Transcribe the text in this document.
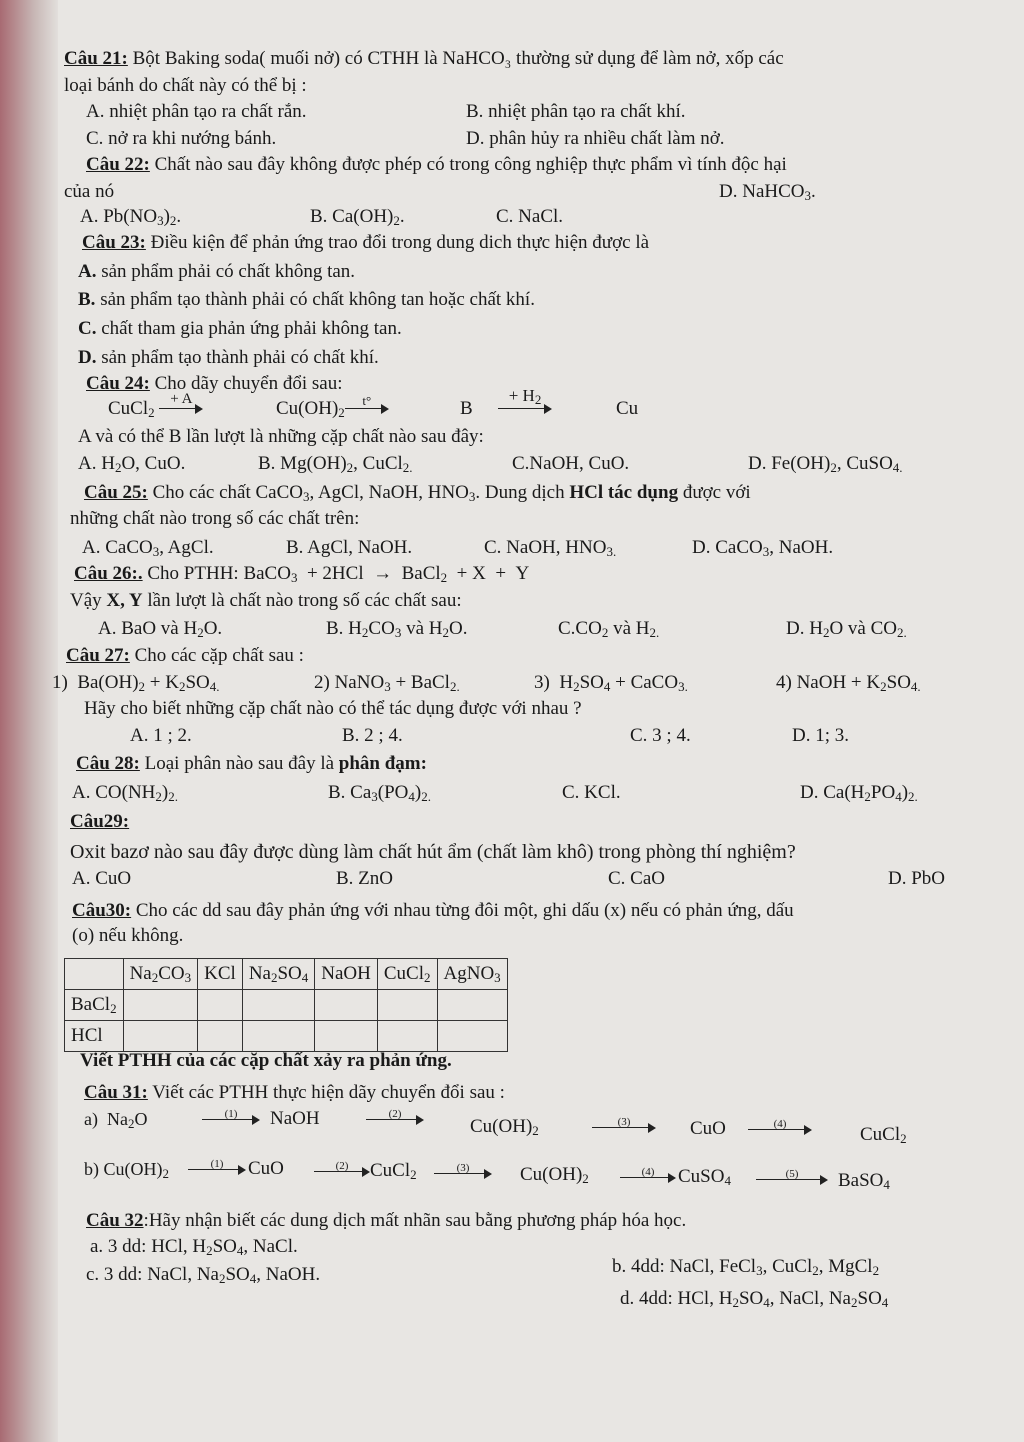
Câu 21: Bột Baking soda( muối nở) có CTHH là NaHCO₃ thường sử dụng để làm nở, xốp các
loại bánh do chất này có thể bị :
A. nhiệt phân tạo ra chất rắn.	B. nhiệt phân tạo ra chất khí.
C. nở ra khi nướng bánh.	D. phân hủy ra nhiều chất làm nở.
Câu 22: Chất nào sau đây không được phép có trong công nghiệp thực phẩm vì tính độc hại
của nó	D. NaHCO$_3$.
A. $Pb(NO_3)_2$.	B. $Ca(OH)_2$.	C. NaCl.
Câu 23: Điều kiện để phản ứng trao đổi trong dung dich thực hiện được là
A. sản phẩm phải có chất không tan.
B. sản phẩm tạo thành phải có chất không tan hoặc chất khí.
C. chất tham gia phản ứng phải không tan.
D. sản phẩm tạo thành phải có chất khí.
Câu 24: Cho dãy chuyển đổi sau:
CuCl$_2$
+ A	$Cu(OH)_2$
t°	B
+ $H_2$	Cu
A và có thể B lần lượt là những cặp chất nào sau đây:
A. $H_2O$, CuO.	B. $Mg(OH)_2$, CuCl$_{2.}$	C.NaOH, CuO.	D. $Fe(OH)_2$, CuSO$_{4.}$
Câu 25: Cho các chất CaCO$_3$, AgCl, NaOH, $HNO_3$. Dung dịch HCl tác dụng được với
những chất nào trong số các chất trên:
A. CaCO$_3$, AgCl.	B. AgCl, NaOH.	C. NaOH, $HNO_{3.}$	D. CaCO$_3$, NaOH.
Câu 26:. Cho PTHH: BaCO$_3$  + 2HCl  →  BaCl$_2$  + X  +  Y
Vậy X, Y lần lượt là chất nào trong số các chất sau:
A. BaO và $H_2O$.	B. $H_2CO_3$ và $H_2O$.	$C.CO_2$ và $H_{2.}$	D. $H_2O$ và $CO_{2.}$
Câu 27: Cho các cặp chất sau :
1)  $Ba(OH)_2 + K_2SO_{4.}$	2) NaNO$_3$ + BaCl$_{2.}$	3)  $H_2SO_4$ + CaCO$_{3.}$	4) NaOH + $K_2SO_{4.}$
Hãy cho biết những cặp chất nào có thể tác dụng được với nhau ?
A. 1 ; 2.	B. 2 ; 4.	C. 3 ; 4.	D. 1; 3.
Câu 28: Loại phân nào sau đây là phân đạm:
A. $CO(NH_2)_{2.}$	B. $Ca_3(PO_4)_{2.}$	C. KCl.	D. $Ca(H_2PO_4)_{2.}$
Câu29:
Oxit bazơ nào sau đây được dùng làm chất hút ẩm (chất làm khô) trong phòng thí nghiệm?
A. CuO	B. ZnO	C. CaO	D. PbO
Câu30: Cho các dd sau đây phản ứng với nhau từng đôi một, ghi dấu (x) nếu có phản ứng, dấu
(o) nếu không.
	$Na_2CO_3$	KCl	$Na_2SO_4$	NaOH	CuCl$_2$	AgNO$_3$
BaCl$_2$						
HCl						
Viết PTHH của các cặp chất xảy ra phản ứng.
Câu 31: Viết các PTHH thực hiện dãy chuyển đổi sau :
a)  $Na_2O$	(1)	NaOH	(2)
$Cu(OH)_2$
(3)	CuO	(4)
CuCl$_2$
b) $Cu(OH)_2$
(1)	CuO	(2)	CuCl$_2$	(3)	$Cu(OH)_2$	(4)	CuSO$_4$	(5)	BaSO$_4$
Câu 32:Hãy nhận biết các dung dịch mất nhãn sau bằng phương pháp hóa học.
a. 3 dd: HCl, $H_2SO_4$, NaCl.
c. 3 dd: NaCl, $Na_2SO_4$, NaOH.	b. 4dd: NaCl, FeCl$_3$, CuCl$_2$, MgCl$_2$
d. 4dd: HCl, $H_2SO_4$, NaCl, $Na_2SO_4$
